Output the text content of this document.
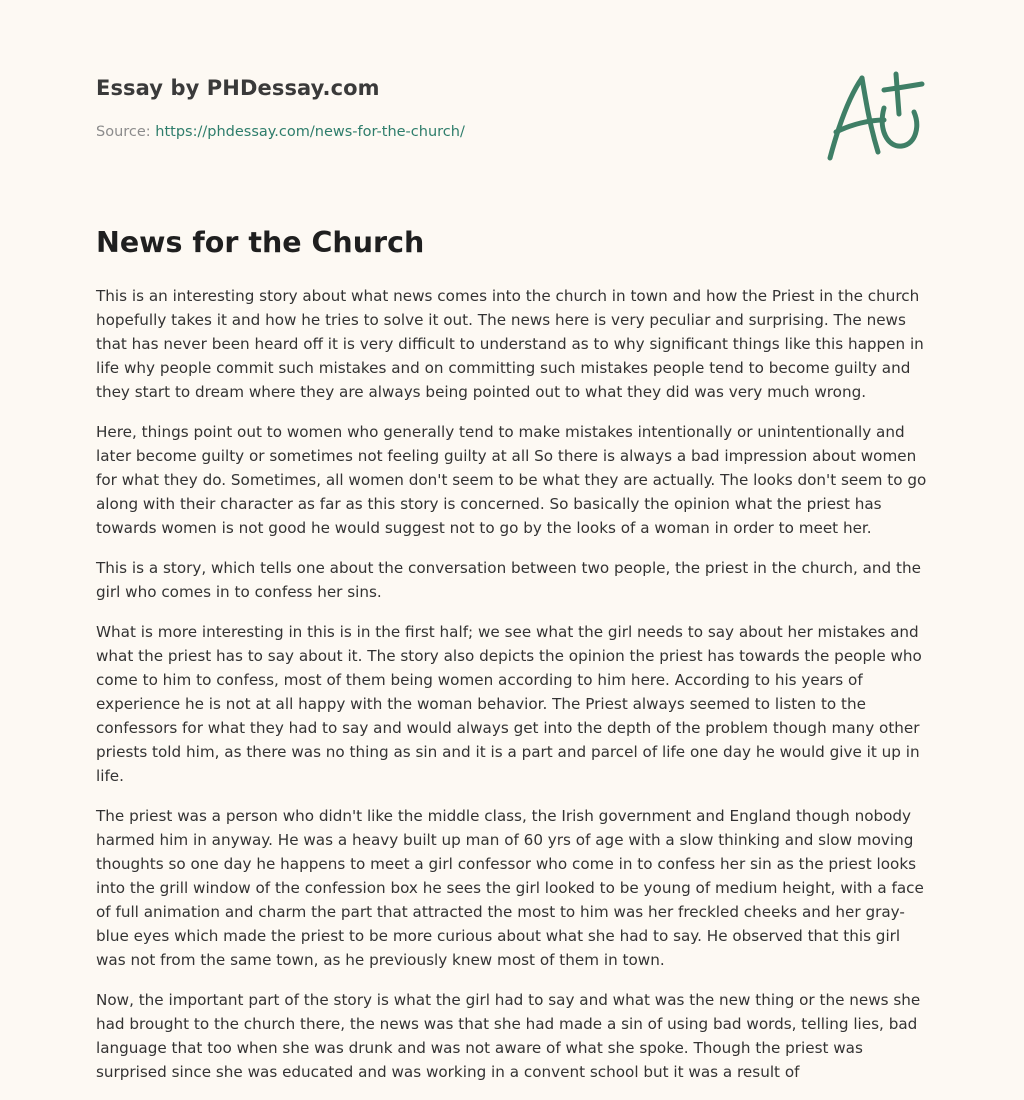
Essay by PHDessay.com

Source: https://phdessay.com/news-for-the-church/

News for the Church

This is an interesting story about what news comes into the church in town and how the Priest in the church hopefully takes it and how he tries to solve it out. The news here is very peculiar and surprising. The news that has never been heard off it is very difficult to understand as to why significant things like this happen in life why people commit such mistakes and on committing such mistakes people tend to become guilty and they start to dream where they are always being pointed out to what they did was very much wrong.

Here, things point out to women who generally tend to make mistakes intentionally or unintentionally and later become guilty or sometimes not feeling guilty at all So there is always a bad impression about women for what they do. Sometimes, all women don't seem to be what they are actually. The looks don't seem to go along with their character as far as this story is concerned. So basically the opinion what the priest has towards women is not good he would suggest not to go by the looks of a woman in order to meet her.

This is a story, which tells one about the conversation between two people, the priest in the church, and the girl who comes in to confess her sins.

What is more interesting in this is in the first half; we see what the girl needs to say about her mistakes and what the priest has to say about it. The story also depicts the opinion the priest has towards the people who come to him to confess, most of them being women according to him here. According to his years of experience he is not at all happy with the woman behavior. The Priest always seemed to listen to the confessors for what they had to say and would always get into the depth of the problem though many other priests told him, as there was no thing as sin and it is a part and parcel of life one day he would give it up in life.

The priest was a person who didn't like the middle class, the Irish government and England though nobody harmed him in anyway. He was a heavy built up man of 60 yrs of age with a slow thinking and slow moving thoughts so one day he happens to meet a girl confessor who come in to confess her sin as the priest looks into the grill window of the confession box he sees the girl looked to be young of medium height, with a face of full animation and charm the part that attracted the most to him was her freckled cheeks and her gray-blue eyes which made the priest to be more curious about what she had to say. He observed that this girl was not from the same town, as he previously knew most of them in town.

Now, the important part of the story is what the girl had to say and what was the new thing or the news she had brought to the church there, the news was that she had made a sin of using bad words, telling lies, bad language that too when she was drunk and was not aware of what she spoke. Though the priest was surprised since she was educated and was working in a convent school but it was a result of
